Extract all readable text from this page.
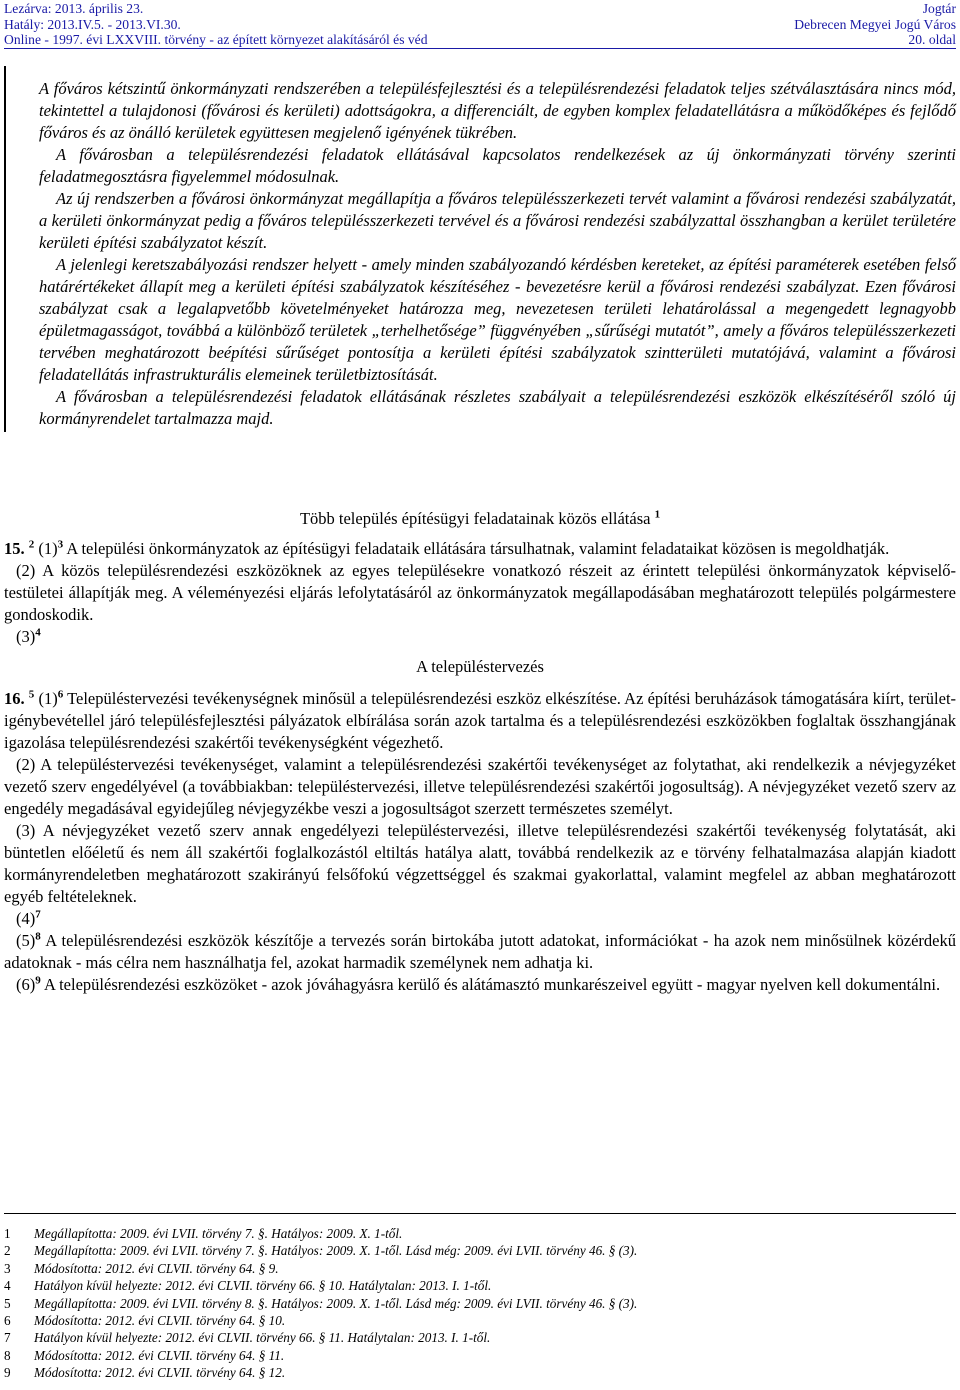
Lezárva: 2013. április 23.
Hatály: 2013.IV.5. - 2013.VI.30.
Online - 1997. évi LXXVIII. törvény - az épített környezet alakításáról és véd
Jogtár
Debrecen Megyei Jogú Város
20. oldal

A főváros kétszintű önkormányzati rendszerében a településfejlesztési és a településrendezési feladatok teljes szétválasztására nincs mód, tekintettel a tulajdonosi (fővárosi és kerületi) adottságokra, a differenciált, de egyben komplex feladatellátásra a működőképes és fejlődő főváros és az önálló kerületek együttesen megjelenő igényének tükrében.

A fővárosban a településrendezési feladatok ellátásával kapcsolatos rendelkezések az új önkormányzati törvény szerinti feladatmegosztásra figyelemmel módosulnak.

Az új rendszerben a fővárosi önkormányzat megállapítja a főváros településszerkezeti tervét valamint a fővárosi rendezési szabályzatát, a kerületi önkormányzat pedig a főváros településszerkezeti tervével és a fővárosi rendezési szabályzattal összhangban a kerület területére kerületi építési szabályzatot készít.

A jelenlegi keretszabályozási rendszer helyett - amely minden szabályozandó kérdésben kereteket, az építési paraméterek esetében felső határértékeket állapít meg a kerületi építési szabályzatok készítéséhez - bevezetésre kerül a fővárosi rendezési szabályzat. Ezen fővárosi szabályzat csak a legalapvetőbb követelményeket határozza meg, nevezetesen területi lehatárolással a megengedett legnagyobb épületmagasságot, továbbá a különböző területek „terhelhetősége” függvényében „sűrűségi mutatót”, amely a főváros településszerkezeti tervében meghatározott beépítési sűrűséget pontosítja a kerületi építési szabályzatok szintterületi mutatójává, valamint a fővárosi feladatellátás infrastrukturális elemeinek területbiztosítását.

A fővárosban a településrendezési feladatok ellátásának részletes szabályait a településrendezési eszközök elkészítéséről szóló új kormányrendelet tartalmazza majd.

Több település építésügyi feladatainak közös ellátása $^1$

15. $^2$ $(1)^3$ A települési önkormányzatok az építésügyi feladataik ellátására társulhatnak, valamint feladataikat közösen is megoldhatják.

(2) A közös településrendezési eszközöknek az egyes településekre vonatkozó részeit az érintett települési önkormányzatok képviselő-testületei állapítják meg. A véleményezési eljárás lefolytatásáról az önkormányzatok megállapodásában meghatározott település polgármestere gondoskodik.

$(3)^4$

A településtervezés

16. $^5$ $(1)^6$ Településtervezési tevékenységnek minősül a településrendezési eszköz elkészítése. Az építési beruházások támogatására kiírt, terület-igénybevétellel járó településfejlesztési pályázatok elbírálása során azok tartalma és a településrendezési eszközökben foglaltak összhangjának igazolása településrendezési szakértői tevékenységként végezhető.

(2) A településtervezési tevékenységet, valamint a településrendezési szakértői tevékenységet az folytathat, aki rendelkezik a névjegyzéket vezető szerv engedélyével (a továbbiakban: településtervezési, illetve településrendezési szakértői jogosultság). A névjegyzéket vezető szerv az engedély megadásával egyidejűleg névjegyzékbe veszi a jogosultságot szerzett természetes személyt.

(3) A névjegyzéket vezető szerv annak engedélyezi településtervezési, illetve településrendezési szakértői tevékenység folytatását, aki büntetlen előéletű és nem áll szakértői foglalkozástól eltiltás hatálya alatt, továbbá rendelkezik az e törvény felhatalmazása alapján kiadott kormányrendeletben meghatározott szakirányú felsőfokú végzettséggel és szakmai gyakorlattal, valamint megfelel az abban meghatározott egyéb feltételeknek.

$(4)^7$

$(5)^8$ A településrendezési eszközök készítője a tervezés során birtokába jutott adatokat, információkat - ha azok nem minősülnek közérdekű adatoknak - más célra nem használhatja fel, azokat harmadik személynek nem adhatja ki.

$(6)^9$ A településrendezési eszközöket - azok jóváhagyásra kerülő és alátámasztó munkarészeivel együtt - magyar nyelven kell dokumentálni.

1	Megállapította: 2009. évi LVII. törvény 7. §. Hatályos: 2009. X. 1-től.
2	Megállapította: 2009. évi LVII. törvény 7. §. Hatályos: 2009. X. 1-től. Lásd még: 2009. évi LVII. törvény 46. § (3).
3	Módosította: 2012. évi CLVII. törvény 64. § 9.
4	Hatályon kívül helyezte: 2012. évi CLVII. törvény 66. § 10. Hatálytalan: 2013. I. 1-től.
5	Megállapította: 2009. évi LVII. törvény 8. §. Hatályos: 2009. X. 1-től. Lásd még: 2009. évi LVII. törvény 46. § (3).
6	Módosította: 2012. évi CLVII. törvény 64. § 10.
7	Hatályon kívül helyezte: 2012. évi CLVII. törvény 66. § 11. Hatálytalan: 2013. I. 1-től.
8	Módosította: 2012. évi CLVII. törvény 64. § 11.
9	Módosította: 2012. évi CLVII. törvény 64. § 12.
